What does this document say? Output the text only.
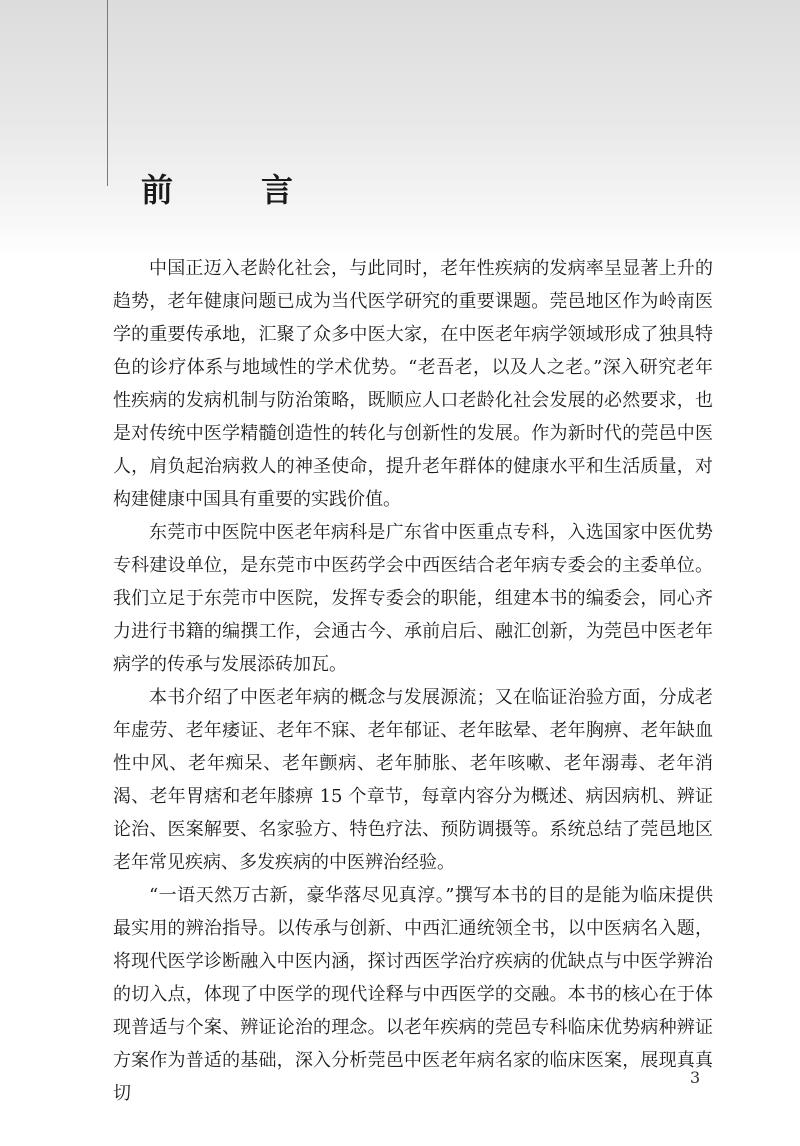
前　言

中国正迈入老龄化社会，与此同时，老年性疾病的发病率呈显著上升的趋势，老年健康问题已成为当代医学研究的重要课题。莞邑地区作为岭南医学的重要传承地，汇聚了众多中医大家，在中医老年病学领域形成了独具特色的诊疗体系与地域性的学术优势。“老吾老，以及人之老。”深入研究老年性疾病的发病机制与防治策略，既顺应人口老龄化社会发展的必然要求，也是对传统中医学精髓创造性的转化与创新性的发展。作为新时代的莞邑中医人，肩负起治病救人的神圣使命，提升老年群体的健康水平和生活质量，对构建健康中国具有重要的实践价值。

东莞市中医院中医老年病科是广东省中医重点专科，入选国家中医优势专科建设单位，是东莞市中医药学会中西医结合老年病专委会的主委单位。我们立足于东莞市中医院，发挥专委会的职能，组建本书的编委会，同心齐力进行书籍的编撰工作，会通古今、承前启后、融汇创新，为莞邑中医老年病学的传承与发展添砖加瓦。

本书介绍了中医老年病的概念与发展源流；又在临证治验方面，分成老年虚劳、老年痿证、老年不寐、老年郁证、老年眩晕、老年胸痹、老年缺血性中风、老年痴呆、老年颤病、老年肺胀、老年咳嗽、老年溺毒、老年消渴、老年胃痞和老年膝痹 15 个章节，每章内容分为概述、病因病机、辨证论治、医案解要、名家验方、特色疗法、预防调摄等。系统总结了莞邑地区老年常见疾病、多发疾病的中医辨治经验。

“一语天然万古新，豪华落尽见真淳。”撰写本书的目的是能为临床提供最实用的辨治指导。以传承与创新、中西汇通统领全书，以中医病名入题，将现代医学诊断融入中医内涵，探讨西医学治疗疾病的优缺点与中医学辨治的切入点，体现了中医学的现代诠释与中西医学的交融。本书的核心在于体现普适与个案、辨证论治的理念。以老年疾病的莞邑专科临床优势病种辨证方案作为普适的基础，深入分析莞邑中医老年病名家的临床医案，展现真真切

3
